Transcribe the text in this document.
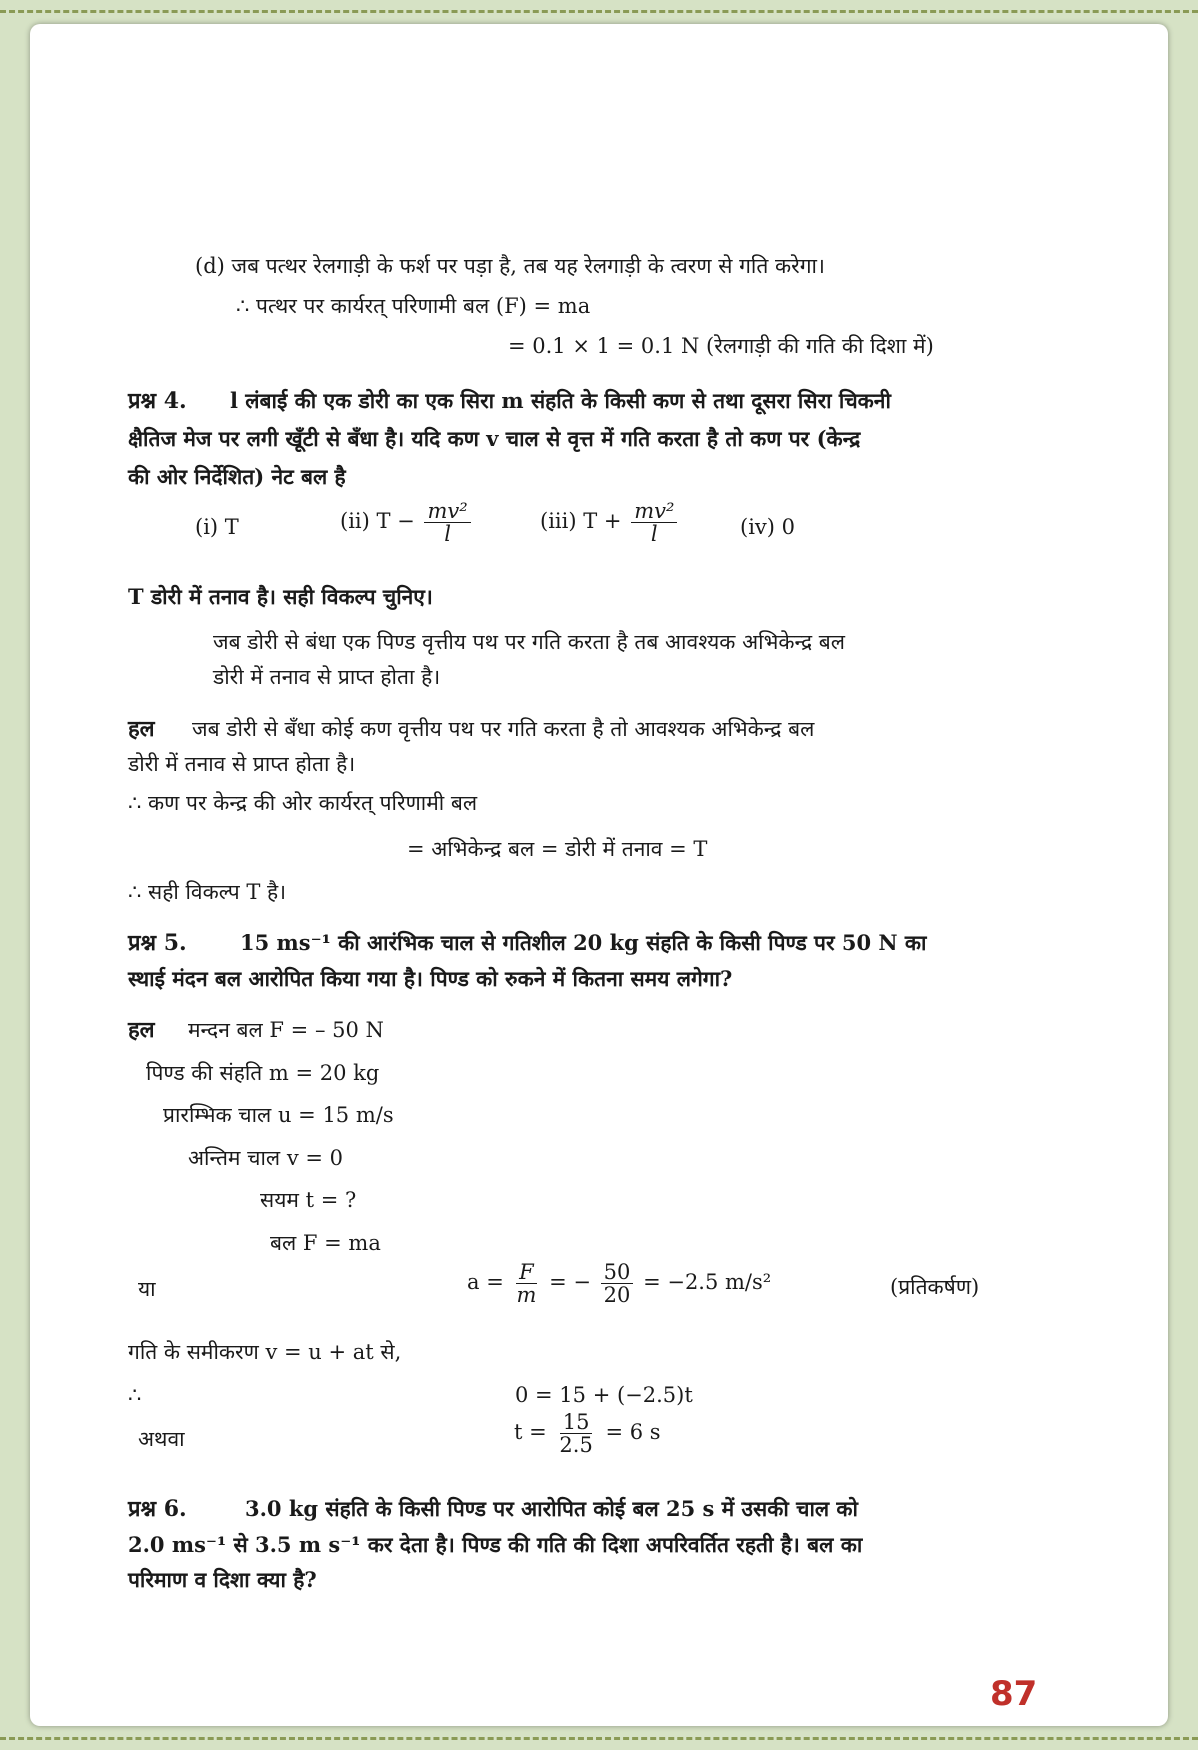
(d) जब पत्थर रेलगाड़ी के फर्श पर पड़ा है, तब यह रेलगाड़ी के त्वरण से गति करेगा।
∴ पत्थर पर कार्यरत् परिणामी बल (F) = ma
= 0.1 × 1 = 0.1 N (रेलगाड़ी की गति की दिशा में)
प्रश्न 4. l लंबाई की एक डोरी का एक सिरा m संहति के किसी कण से तथा दूसरा सिरा चिकनी
क्षैतिज मेज पर लगी खूँटी से बँधा है। यदि कण v चाल से वृत्त में गति करता है तो कण पर (केन्द्र
की ओर निर्देशित) नेट बल है
(i) T	(ii) $T - \frac{\text{mv²}}{l}$	(iii) $T + \frac{\text{mv²}}{l}$	(iv) 0
T डोरी में तनाव है। सही विकल्प चुनिए।
जब डोरी से बंधा एक पिण्ड वृत्तीय पथ पर गति करता है तब आवश्यक अभिकेन्द्र बल
डोरी में तनाव से प्राप्त होता है।
हल जब डोरी से बँधा कोई कण वृत्तीय पथ पर गति करता है तो आवश्यक अभिकेन्द्र बल
डोरी में तनाव से प्राप्त होता है।
∴ कण पर केन्द्र की ओर कार्यरत् परिणामी बल
= अभिकेन्द्र बल = डोरी में तनाव = T
∴ सही विकल्प T है।
प्रश्न 5.	15 ms⁻¹ की आरंभिक चाल से गतिशील 20 kg संहति के किसी पिण्ड पर 50 N का
स्थाई मंदन बल आरोपित किया गया है। पिण्ड को रुकने में कितना समय लगेगा?
हल मन्दन बल F = – 50 N
पिण्ड की संहति m = 20 kg
प्रारम्भिक चाल u = 15 m/s
अन्तिम चाल v = 0
सयम t = ?
बल F = ma
या	$a = \frac{F}{m}$ = − $\frac{50}{20} = -2.5$ m/s²	(प्रतिकर्षण)
गति के समीकरण v = u + at से,
∴	0 = 15 + (−2.5)t
अथवा	$t = \frac{15}{2.5} = 6$ s
प्रश्न 6.	3.0 kg संहति के किसी पिण्ड पर आरोपित कोई बल 25 s में उसकी चाल को
2.0 ms⁻¹ से 3.5 m s⁻¹ कर देता है। पिण्ड की गति की दिशा अपरिवर्तित रहती है। बल का
परिमाण व दिशा क्या है?
87
